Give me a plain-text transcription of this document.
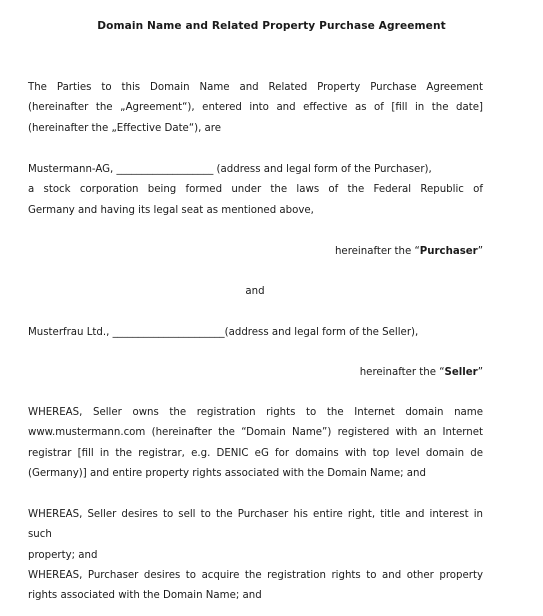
Domain Name and Related Property Purchase Agreement
The Parties to this Domain Name and Related Property Purchase Agreement
(hereinafter the „Agreement“), entered into and effective as of [fill in the date]
(hereinafter the „Effective Date“), are
Mustermann-AG, ___________________ (address and legal form of the Purchaser),
a stock corporation being formed under the laws of the Federal Republic of
Germany and having its legal seat as mentioned above,
hereinafter the “Purchaser”
and
Musterfrau Ltd., ______________________(address and legal form of the Seller),
hereinafter the “Seller”
WHEREAS, Seller owns the registration rights to the Internet domain name
www.mustermann.com (hereinafter the “Domain Name”) registered with an Internet
registrar [fill in the registrar, e.g. DENIC eG for domains with top level domain de
(Germany)] and entire property rights associated with the Domain Name; and
WHEREAS, Seller desires to sell to the Purchaser his entire right, title and interest in such
property; and
WHEREAS, Purchaser desires to acquire the registration rights to and other property
rights associated with the Domain Name; and
